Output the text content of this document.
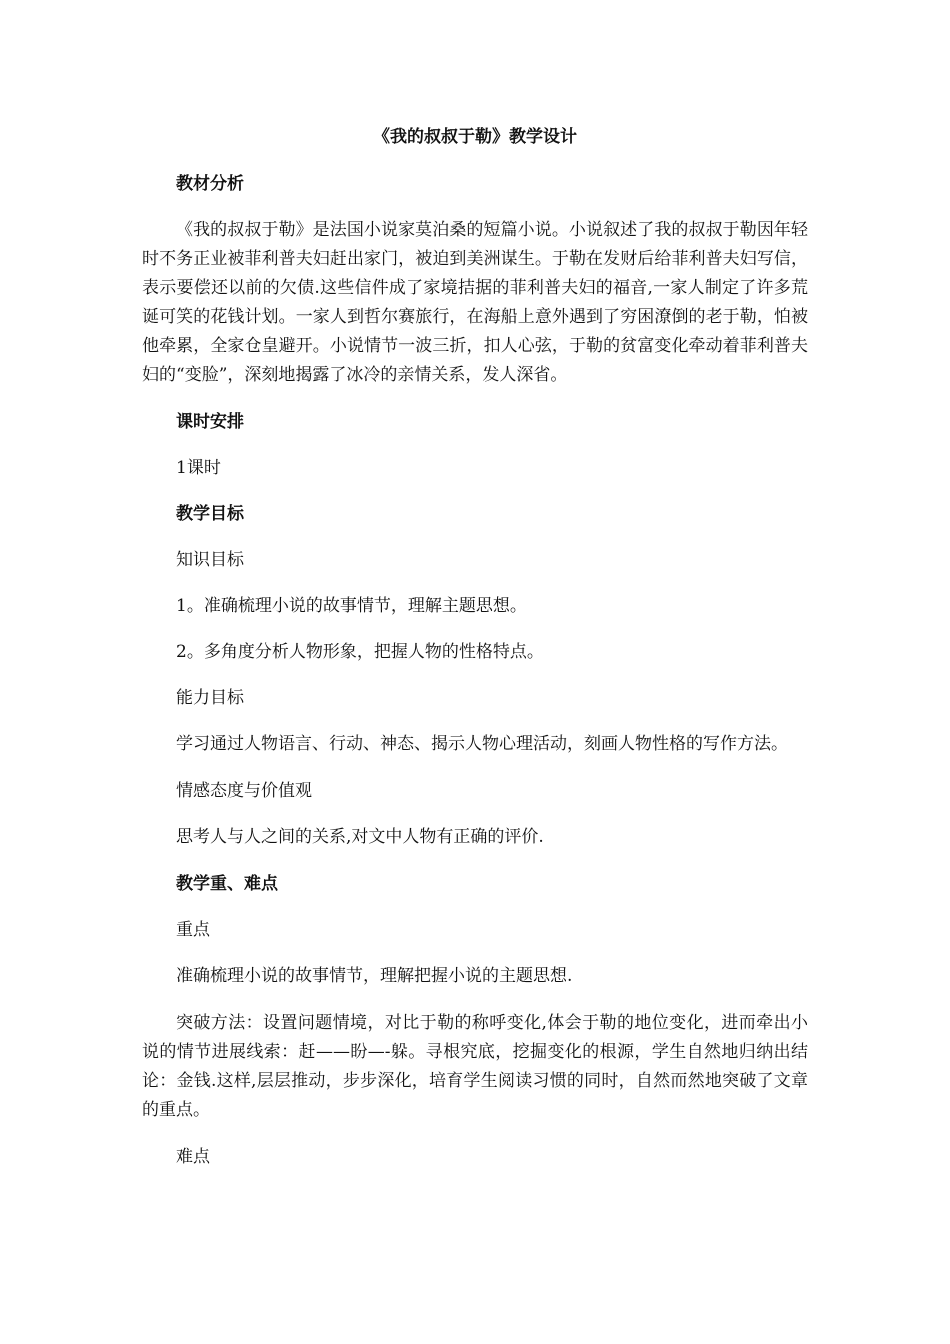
《我的叔叔于勒》教学设计
教材分析
《我的叔叔于勒》是法国小说家莫泊桑的短篇小说。小说叙述了我的叔叔于勒因年轻时不务正业被菲利普夫妇赶出家门，被迫到美洲谋生。于勒在发财后给菲利普夫妇写信，表示要偿还以前的欠债.这些信件成了家境拮据的菲利普夫妇的福音,一家人制定了许多荒诞可笑的花钱计划。一家人到哲尔赛旅行，在海船上意外遇到了穷困潦倒的老于勒，怕被他牵累，全家仓皇避开。小说情节一波三折，扣人心弦，于勒的贫富变化牵动着菲利普夫妇的“变脸”，深刻地揭露了冰冷的亲情关系，发人深省。
课时安排
1课时
教学目标
知识目标
1。准确梳理小说的故事情节，理解主题思想。
2。多角度分析人物形象，把握人物的性格特点。
能力目标
学习通过人物语言、行动、神态、揭示人物心理活动，刻画人物性格的写作方法。
情感态度与价值观
思考人与人之间的关系,对文中人物有正确的评价.
教学重、难点
重点
准确梳理小说的故事情节，理解把握小说的主题思想.
突破方法：设置问题情境，对比于勒的称呼变化,体会于勒的地位变化，进而牵出小说的情节进展线索：赶——盼—-躲。寻根究底，挖掘变化的根源，学生自然地归纳出结论：金钱.这样,层层推动，步步深化，培育学生阅读习惯的同时，自然而然地突破了文章的重点。
难点
